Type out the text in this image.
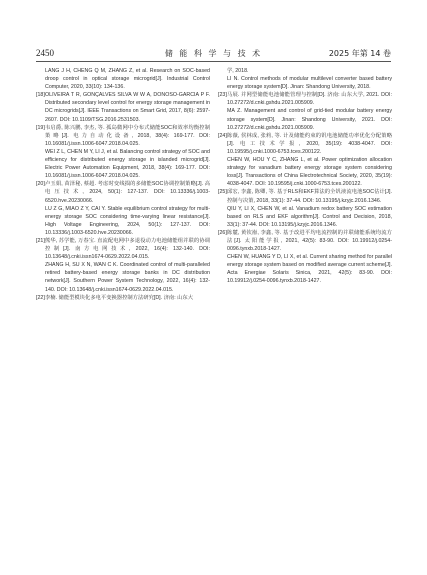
2450	储 能 科 学 与 技 术	2025 年第 14 卷
LANG J H, CHENG Q M, ZHANG Z, et al. Research on SOC-based droop control in optical storage microgrid[J]. Industrial Control Computer, 2020, 33(10): 134-136.
[18] OLIVEIRA T R, GONÇALVES SILVA W W A, DONOSO-GARCIA P F. Distributed secondary level control for energy storage management in DC microgrids[J]. IEEE Transactions on Smart Grid, 2017, 8(6): 2597-2607. DOI: 10.1109/TSG.2016.2531503.
[19] 韦启爵, 陈兴鹏, 李杰, 等. 孤岛微网中分布式储能SOC和效率均衡控制策略[J]. 电力自动化设备, 2018, 38(4): 169-177. DOI: 10.16081/j.issn.1006-6047.2018.04.025.
WEI Z L, CHEN M Y, LI J, et al. Balancing control strategy of SOC and efficiency for distributed energy storage in islanded microgrid[J]. Electric Power Automation Equipment, 2018, 38(4): 169-177. DOI: 10.16081/j.issn.1006-6047.2018.04.025.
[20] 卢玉娟, 苗泽秘, 蔡超. 考虑时变线损的多储能SOC协调控制策略[J]. 高电压技术, 2024, 50(1): 127-137. DOI: 10.13336/j.1003-6520.hve.20230066.
LU Z G, MIAO Z Y, CAI Y. Stable equilibrium control strategy for multi-energy storage SOC considering time-varying linear resistance[J]. High Voltage Engineering, 2024, 50(1): 127-137. DOI: 10.13336/j.1003-6520.hve.20230066.
[21] 熊华, 苏学能, 万春宝. 直流配电网中多退役动力电池储能组并联的协调控制[J]. 南方电网技术, 2022, 16(4): 132-140. DOI: 10.13648/j.cnki.issn1674-0629.2022.04.015.
ZHANG H, SU X N, WAN C K. Coordinated control of multi-paralleled retired battery-based energy storage banks in DC distribution network[J]. Southern Power System Technology, 2022, 16(4): 132-140. DOI: 10.13648/j.cnki.issn1674-0629.2022.04.015.
[22] 李楠. 储能型模块化多电平变换器控制方法研究[D]. 济南: 山东大
学, 2018.
LI N. Control methods of modular multilevel converter based battery energy storage system[D]. Jinan: Shandong University, 2018.
[23] 马展. 并网型储能电池储能管理与控制[D]. 济南: 山东大学, 2021. DOI: 10.27272/d.cnki.gshdu.2021.005909.
MA Z. Management and control of grid-tied modular battery energy storage system[D]. Jinan: Shandong University, 2021. DOI: 10.27272/d.cnki.gshdu.2021.005909.
[24] 陈薇, 侯林成, 张莉, 等. 计及储能约束的钒电池储能功率优化分配策略[J]. 电工技术学报, 2020, 35(19): 4038-4047. DOI: 10.19595/j.cnki.1000-6753.tces.200122.
CHEN W, HOU Y C, ZHANG L, et al. Power optimization allocation strategy for vanadium battery energy storage system considering loss[J]. Transactions of China Electrotechnical Society, 2020, 35(19): 4038-4047. DOI: 10.19595/j.cnki.1000-6753.tces.200122.
[25] 邱宏, 李鑫, 陈卿, 等. 基于RLS和EKF算法的全钒液流电池SOC估计[J]. 控制与决策, 2018, 33(1): 37-44. DOI: 10.13195/j.kzyjc.2016.1346.
QIU Y, LI X, CHEN W, et al. Vanadium redox battery SOC estimation based on RLS and EKF algorithm[J]. Control and Decision, 2018, 33(1): 37-44. DOI: 10.13195/j.kzyjc.2016.1346.
[26] 陈麓, 黄钦嵛, 李鑫, 等. 基于改进平均电流控制的并联储能系统均流方法[J]. 太阳能学报, 2021, 42(5): 83-90. DOI: 10.19912/j.0254-0096.tynxb.2018-1427.
CHEN W, HUANG Y D, LI X, et al. Current sharing method for parallel energy storage system based on modified average current scheme[J]. Acta Energiae Solaris Sinica, 2021, 42(5): 83-90. DOI: 10.19912/j.0254-0096.tynxb.2018-1427.
